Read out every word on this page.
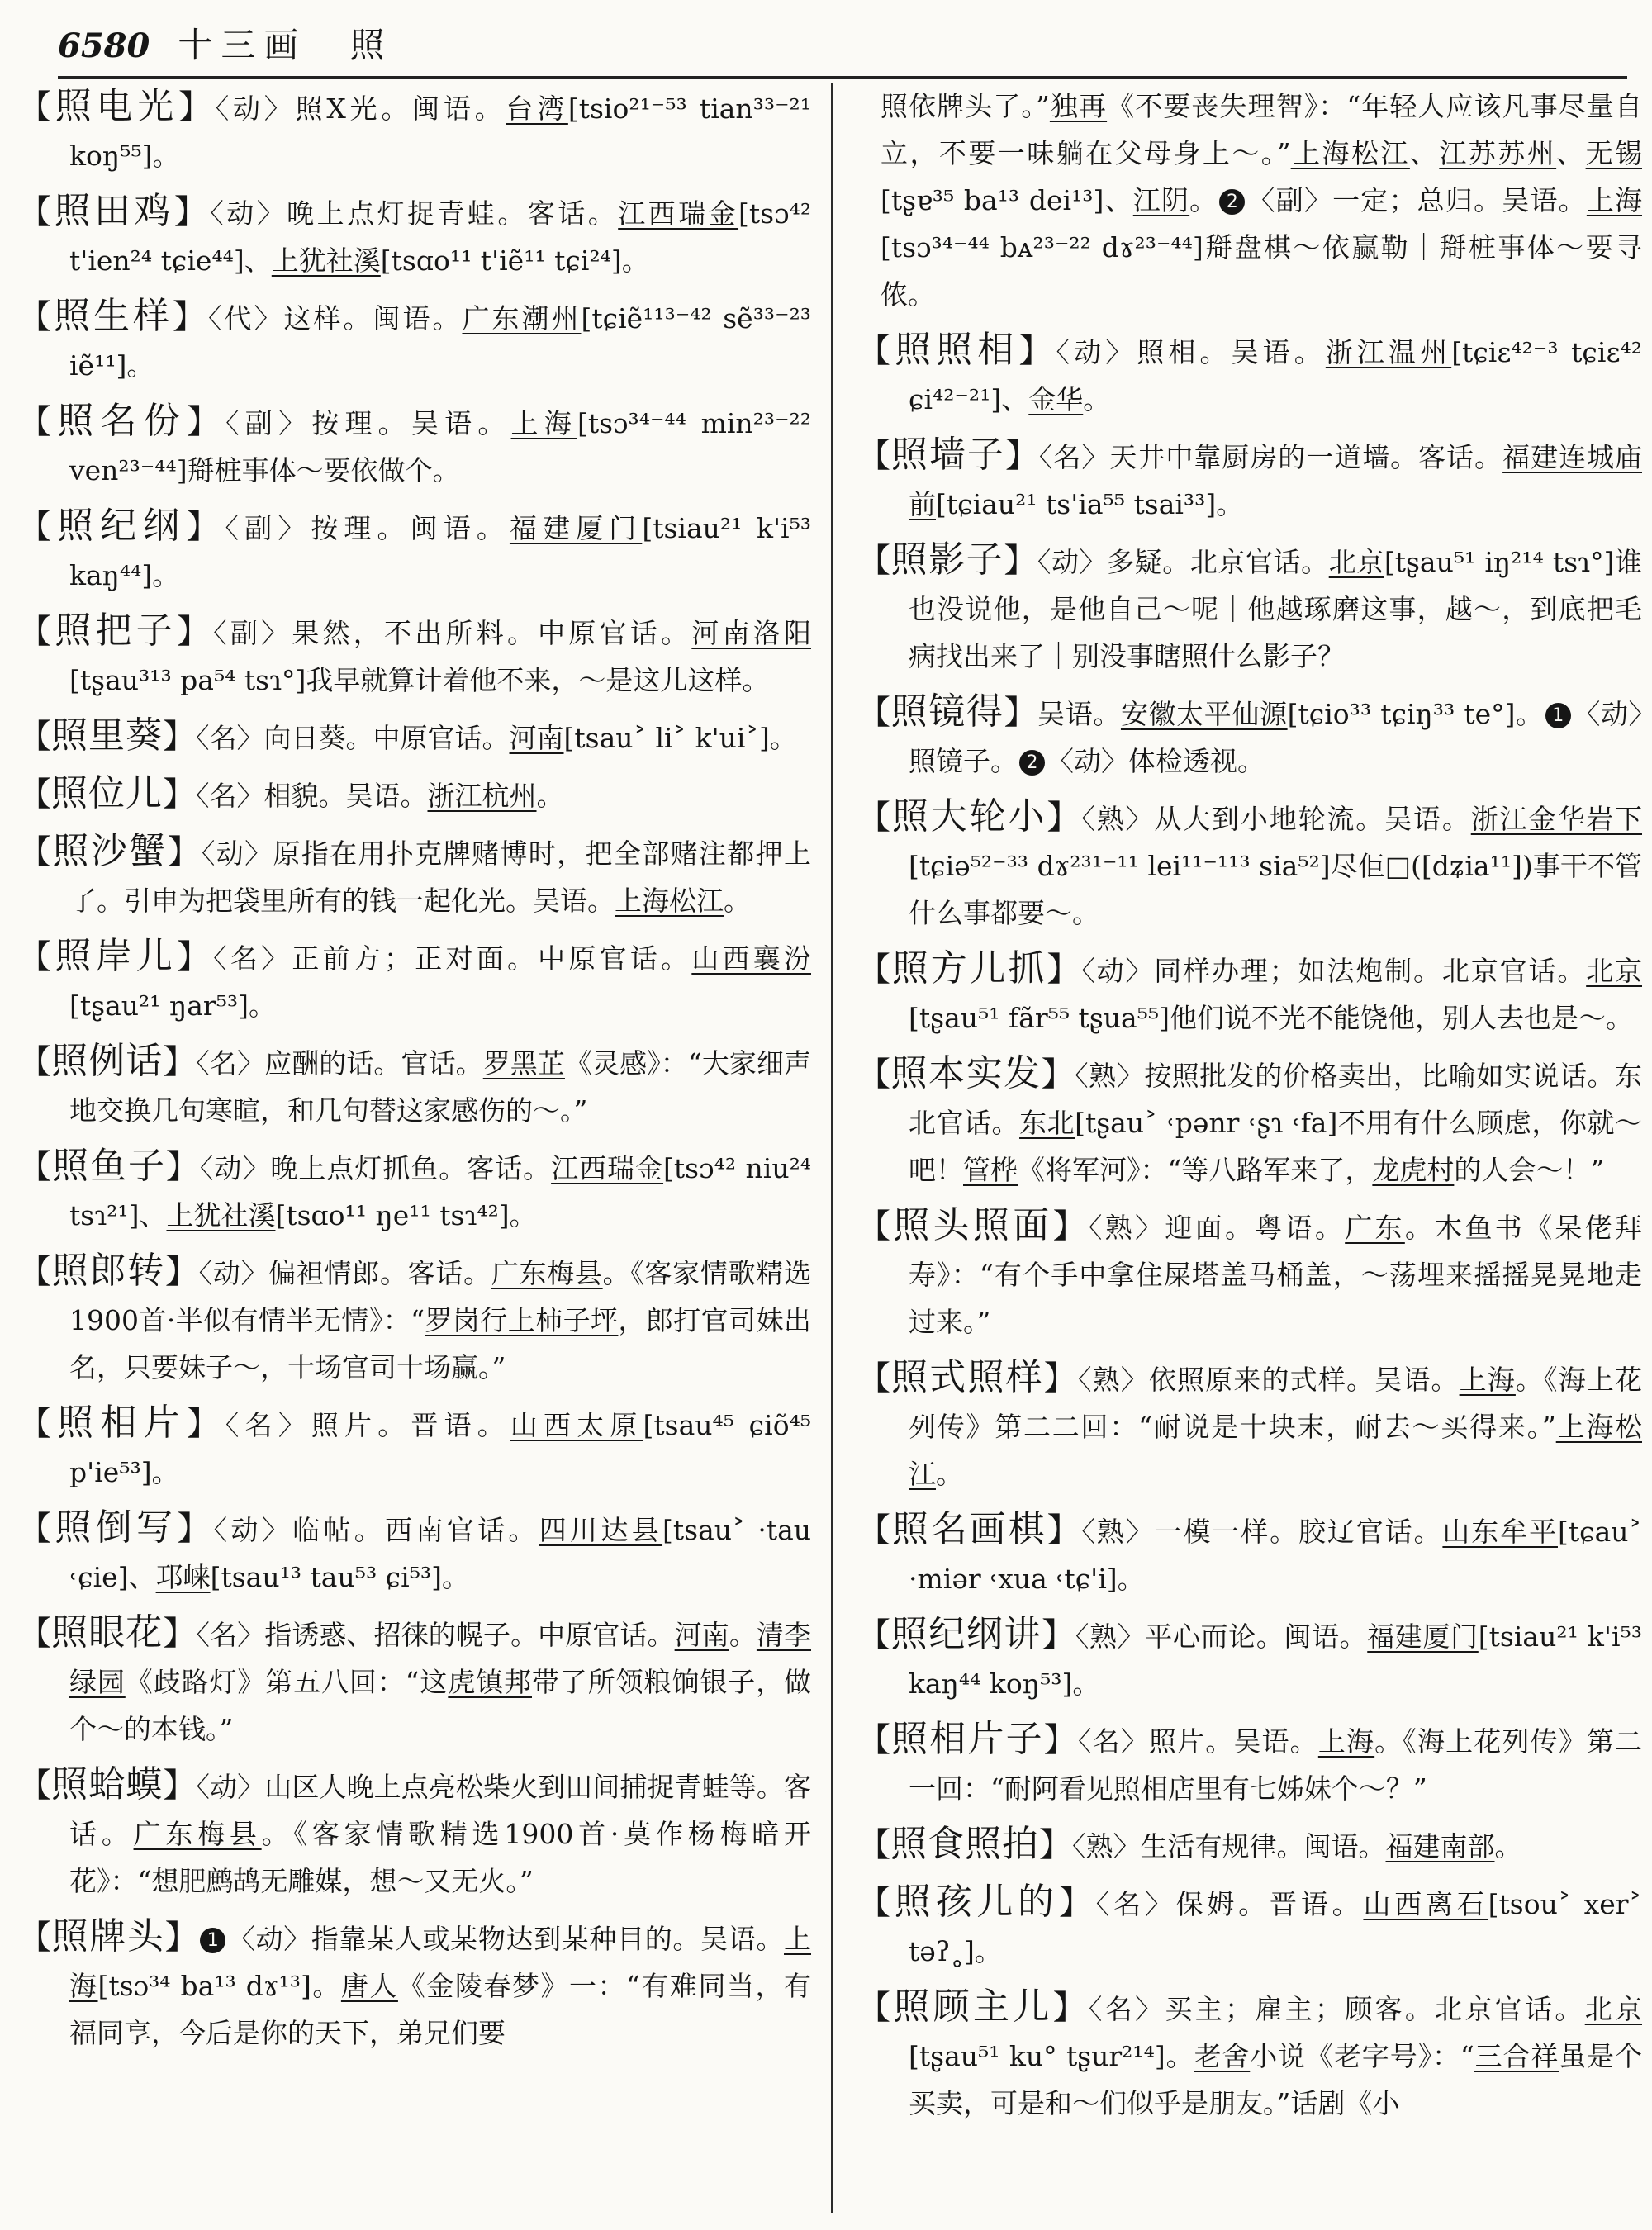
6580 十三画　照

【照电光】〈动〉照X光。闽语。台湾[tsio²¹⁻⁵³ tian³³⁻²¹ koŋ⁵⁵]。

【照田鸡】〈动〉晚上点灯捉青蛙。客话。江西瑞金[tsɔ⁴² t'ien²⁴ tɕie⁴⁴]、上犹社溪[tsɑo¹¹ t'iẽ¹¹ tɕi²⁴]。

【照生样】〈代〉这样。闽语。广东潮州[tɕiẽ¹¹³⁻⁴² sẽ³³⁻²³ iẽ¹¹]。

【照名份】〈副〉按理。吴语。上海[tsɔ³⁴⁻⁴⁴ min²³⁻²² ven²³⁻⁴⁴]搿桩事体～要依做个。

【照纪纲】〈副〉按理。闽语。福建厦门[tsiau²¹ k'i⁵³ kaŋ⁴⁴]。

【照把子】〈副〉果然，不出所料。中原官话。河南洛阳[tʂau³¹³ pa⁵⁴ tsɿ°]我早就算计着他不来，～是这儿这样。

【照里葵】〈名〉向日葵。中原官话。河南[tsau˃ li˃ k'ui˃]。

【照位儿】〈名〉相貌。吴语。浙江杭州。

【照沙蟹】〈动〉原指在用扑克牌赌博时，把全部赌注都押上了。引申为把袋里所有的钱一起化光。吴语。上海松江。

【照岸儿】〈名〉正前方；正对面。中原官话。山西襄汾[tʂau²¹ ŋar⁵³]。

【照例话】〈名〉应酬的话。官话。罗黑芷《灵感》：“大家细声地交换几句寒暄，和几句替这家感伤的～。”

【照鱼子】〈动〉晚上点灯抓鱼。客话。江西瑞金[tsɔ⁴² niu²⁴ tsɿ²¹]、上犹社溪[tsɑo¹¹ ŋe¹¹ tsɿ⁴²]。

【照郎转】〈动〉偏袒情郎。客话。广东梅县。《客家情歌精选1900首·半似有情半无情》：“罗岗行上柿子坪，郎打官司妹出名，只要妹子～，十场官司十场赢。”

【照相片】〈名〉照片。晋语。山西太原[tsau⁴⁵ ɕiõ⁴⁵ p'ie⁵³]。

【照倒写】〈动〉临帖。西南官话。四川达县[tsau˃ ·tau ˓ɕie]、邛崃[tsau¹³ tau⁵³ ɕi⁵³]。

【照眼花】〈名〉指诱惑、招徕的幌子。中原官话。河南。清李绿园《歧路灯》第五八回：“这虎镇邦带了所领粮饷银子，做个～的本钱。”

【照蛤蟆】〈动〉山区人晚上点亮松柴火到田间捕捉青蛙等。客话。广东梅县。《客家情歌精选1900首·莫作杨梅暗开花》：“想肥鹧鸪无雕媒，想～又无火。”

【照牌头】 1 〈动〉指靠某人或某物达到某种目的。吴语。上海[tsɔ³⁴ ba¹³ dɤ¹³]。唐人《金陵春梦》一：“有难同当，有福同享，今后是你的天下，弟兄们要

照依牌头了。”独再《不要丧失理智》：“年轻人应该凡事尽量自立，不要一味躺在父母身上～。”上海松江、江苏苏州、无锡[tʂɐ³⁵ ba¹³ dei¹³]、江阴。 2 〈副〉一定；总归。吴语。上海[tsɔ³⁴⁻⁴⁴ bᴀ²³⁻²² dɤ²³⁻⁴⁴]搿盘棋～依赢勒｜搿桩事体～要寻侬。

【照照相】〈动〉照相。吴语。浙江温州[tɕiɛ⁴²⁻³ tɕiɛ⁴² ɕi⁴²⁻²¹]、金华。

【照墙子】〈名〉天井中靠厨房的一道墙。客话。福建连城庙前[tɕiau²¹ ts'ia⁵⁵ tsai³³]。

【照影子】〈动〉多疑。北京官话。北京[tʂau⁵¹ iŋ²¹⁴ tsɿ°]谁也没说他，是他自己～呢｜他越琢磨这事，越～，到底把毛病找出来了｜别没事瞎照什么影子？

【照镜得】吴语。安徽太平仙源[tɕio³³ tɕiŋ³³ te°]。 1 〈动〉照镜子。 2 〈动〉体检透视。

【照大轮小】〈熟〉从大到小地轮流。吴语。浙江金华岩下[tɕiə⁵²⁻³³ dɤ²³¹⁻¹¹ lei¹¹⁻¹¹³ sia⁵²]尽佢□([dʑia¹¹])事干不管什么事都要～。

【照方儿抓】〈动〉同样办理；如法炮制。北京官话。北京[tʂau⁵¹ fãr⁵⁵ tʂua⁵⁵]他们说不光不能饶他，别人去也是～。

【照本实发】〈熟〉按照批发的价格卖出，比喻如实说话。东北官话。东北[tʂau˃ ˓pənr ˓ʂɿ ˓fa]不用有什么顾虑，你就～吧！管桦《将军河》：“等八路军来了，龙虎村的人会～！”

【照头照面】〈熟〉迎面。粤语。广东。木鱼书《呆佬拜寿》：“有个手中拿住屎塔盖马桶盖，～荡埋来摇摇晃晃地走过来。”

【照式照样】〈熟〉依照原来的式样。吴语。上海。《海上花列传》第二二回：“耐说是十块末，耐去～买得来。”上海松江。

【照名画棋】〈熟〉一模一样。胶辽官话。山东牟平[tɕau˃ ·miər ˓xua ˓tɕ'i]。

【照纪纲讲】〈熟〉平心而论。闽语。福建厦门[tsiau²¹ k'i⁵³ kaŋ⁴⁴ koŋ⁵³]。

【照相片子】〈名〉照片。吴语。上海。《海上花列传》第二一回：“耐阿看见照相店里有七姊妹个～？”

【照食照拍】〈熟〉生活有规律。闽语。福建南部。

【照孩儿的】〈名〉保姆。晋语。山西离石[tsou˃ xer˃ təʔ˳]。

【照顾主儿】〈名〉买主；雇主；顾客。北京官话。北京[tʂau⁵¹ ku° tʂur²¹⁴]。老舍小说《老字号》：“三合祥虽是个买卖，可是和～们似乎是朋友。”话剧《小
